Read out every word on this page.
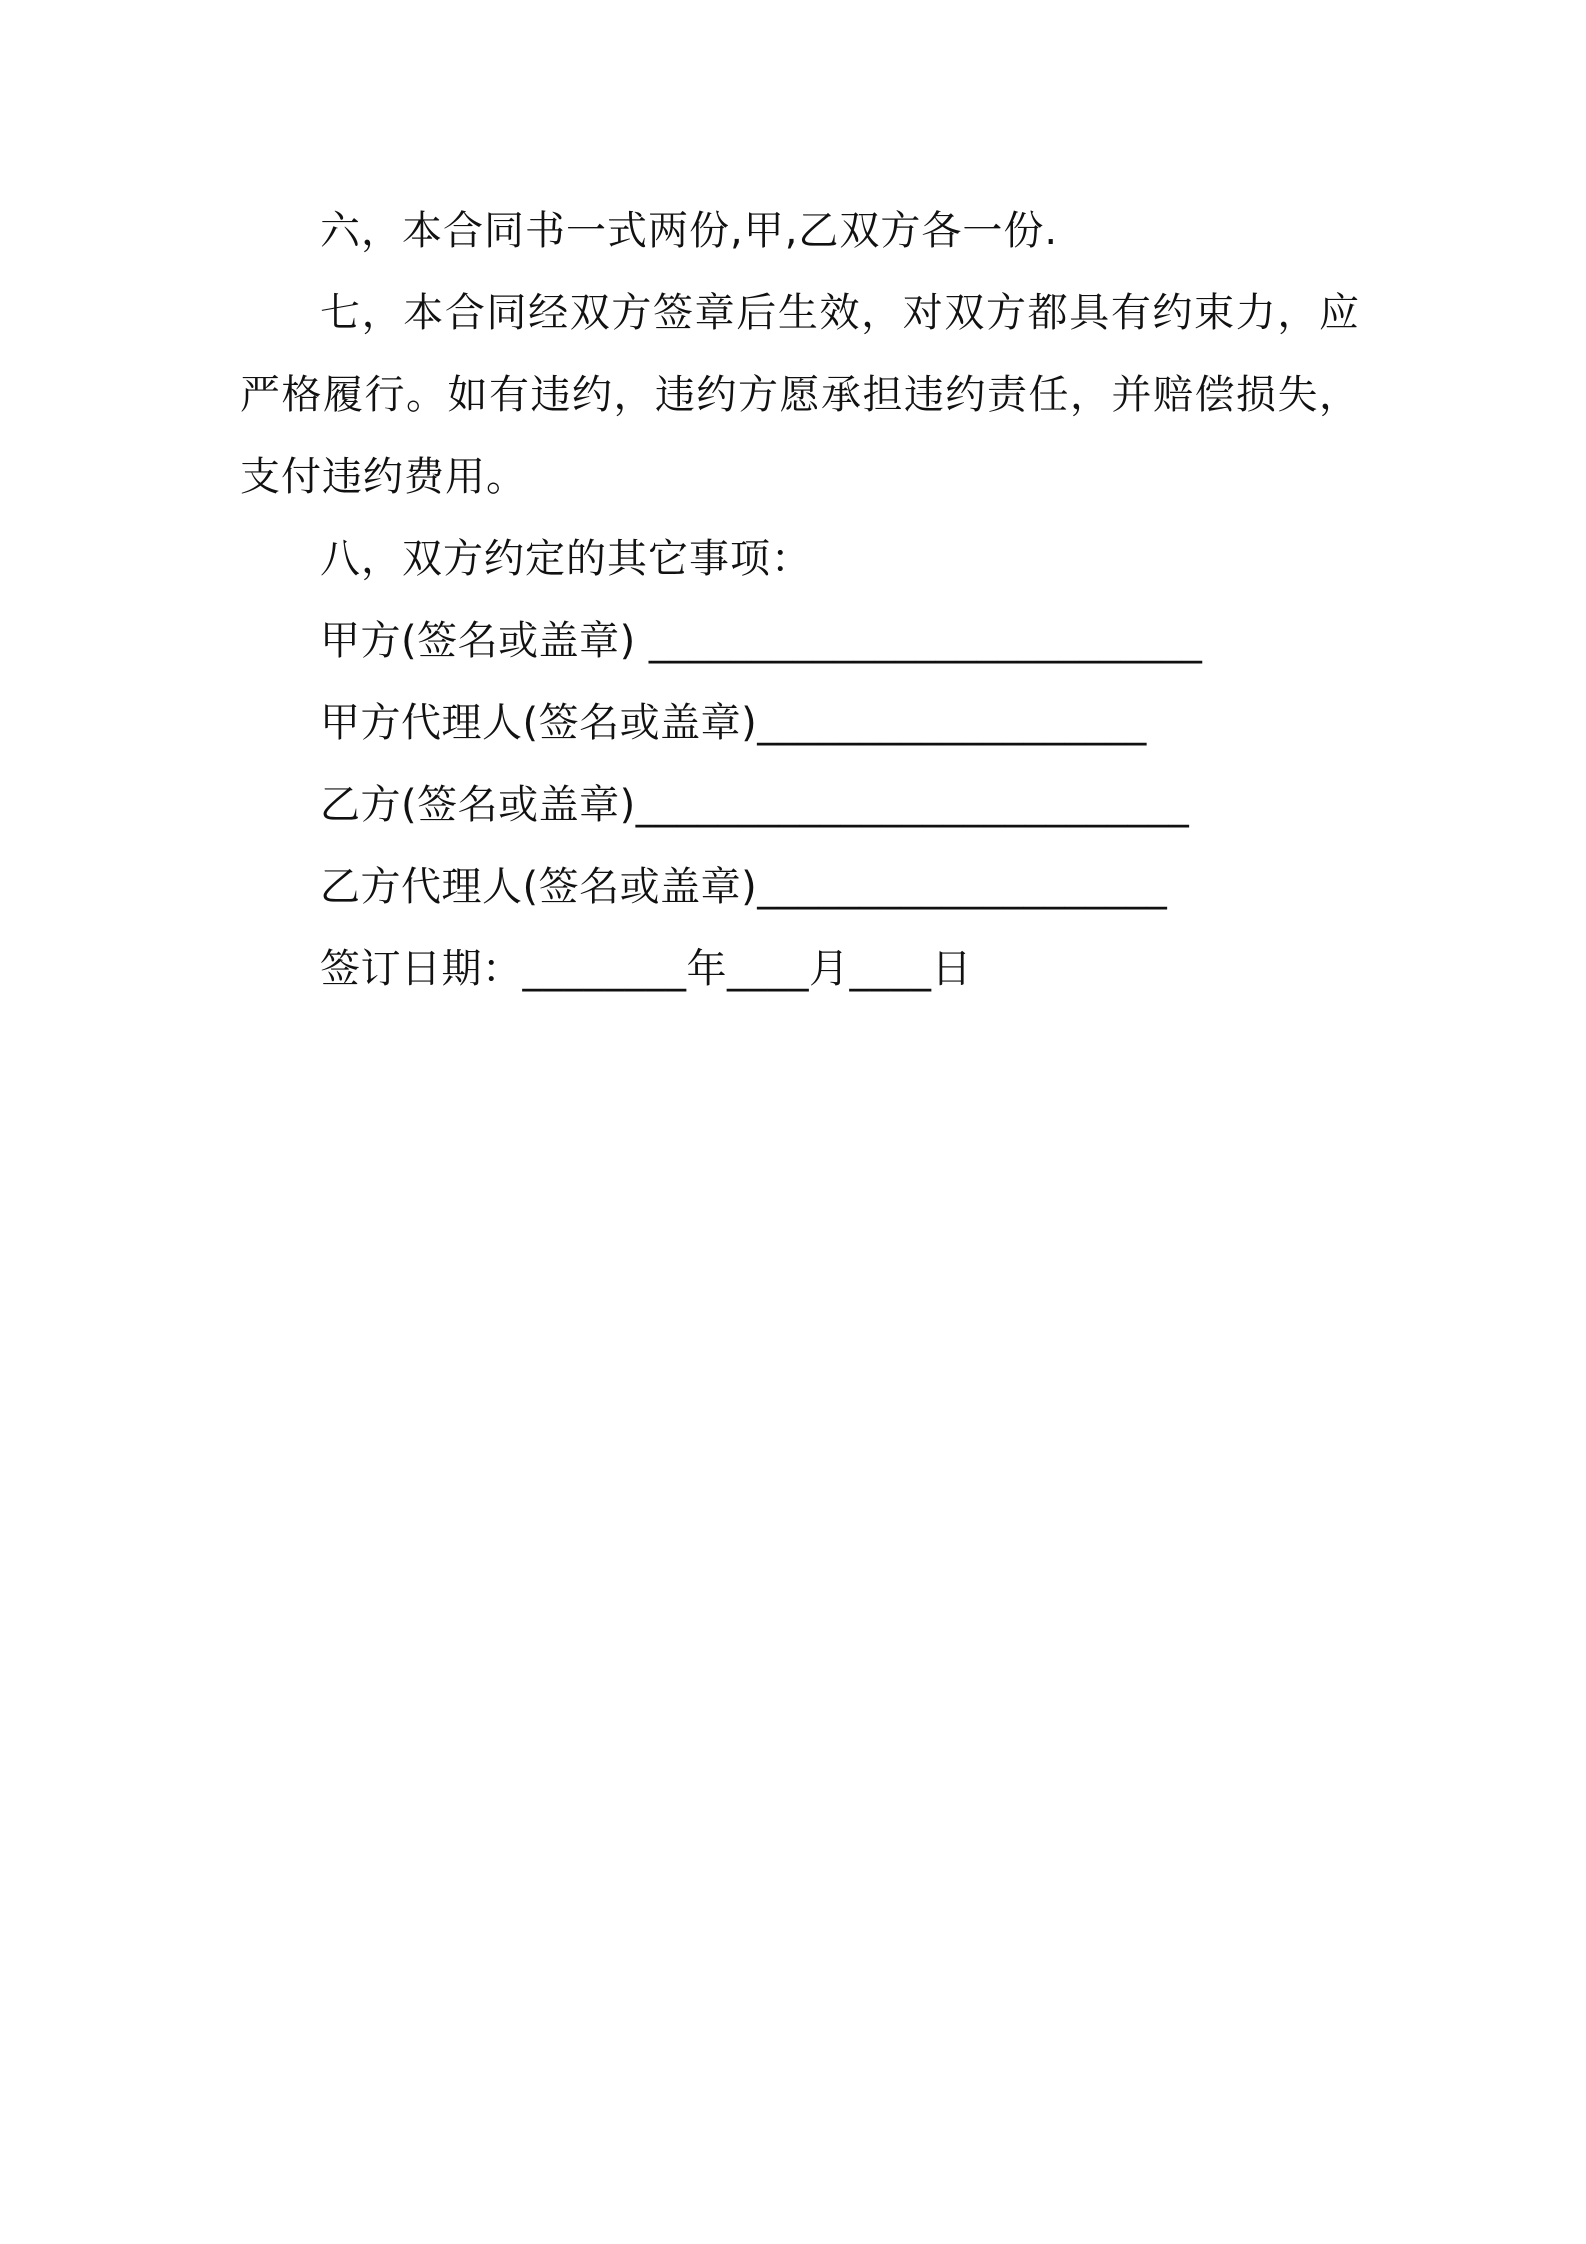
六，本合同书一式两份,甲,乙双方各一份.

七，本合同经双方签章后生效，对双方都具有约束力，应严格履行。如有违约，违约方愿承担违约责任，并赔偿损失，支付违约费用。

八，双方约定的其它事项：

甲方(签名或盖章) ___________________________

甲方代理人(签名或盖章)___________________

乙方(签名或盖章)___________________________

乙方代理人(签名或盖章)____________________

签订日期：________年____月____日
